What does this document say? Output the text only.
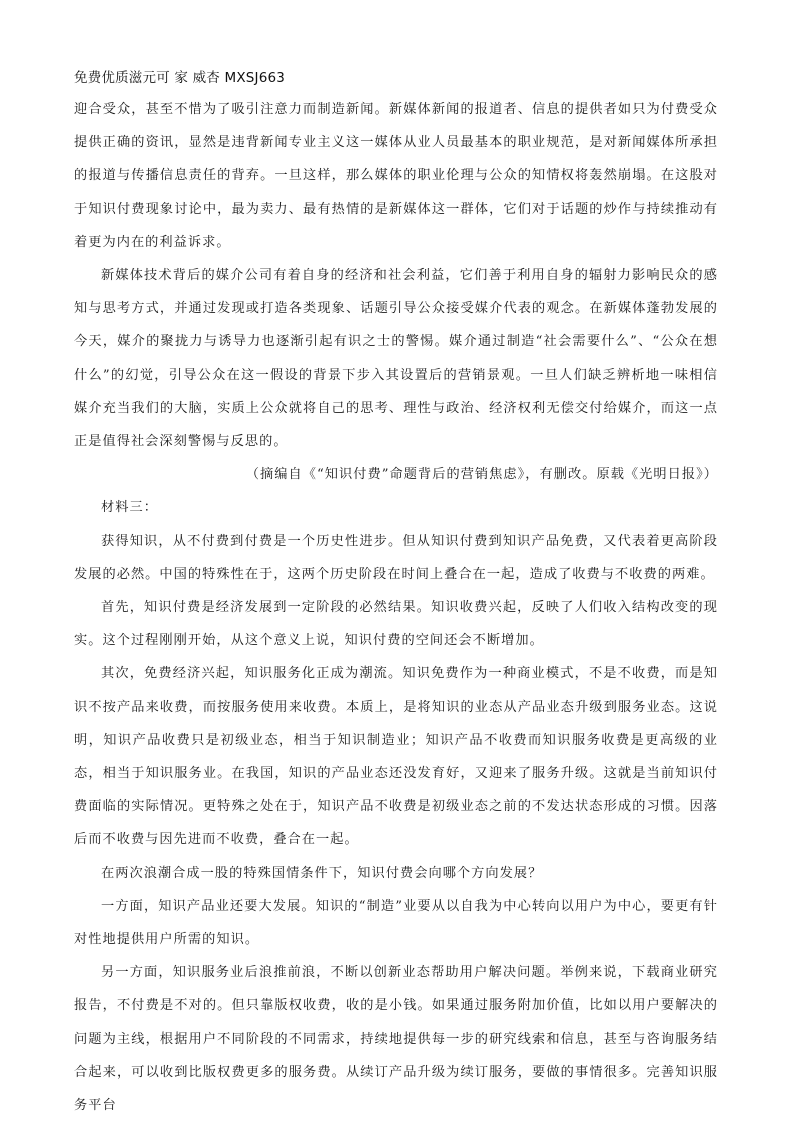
免费优质滋元可 家 威杏 MXSJ663

迎合受众，甚至不惜为了吸引注意力而制造新闻。新媒体新闻的报道者、信息的提供者如只为付费受众提供正确的资讯，显然是违背新闻专业主义这一媒体从业人员最基本的职业规范，是对新闻媒体所承担的报道与传播信息责任的背弃。一旦这样，那么媒体的职业伦理与公众的知情权将轰然崩塌。在这股对于知识付费现象讨论中，最为卖力、最有热情的是新媒体这一群体，它们对于话题的炒作与持续推动有着更为内在的利益诉求。

新媒体技术背后的媒介公司有着自身的经济和社会利益，它们善于利用自身的辐射力影响民众的感知与思考方式，并通过发现或打造各类现象、话题引导公众接受媒介代表的观念。在新媒体蓬勃发展的今天，媒介的聚拢力与诱导力也逐渐引起有识之士的警惕。媒介通过制造“社会需要什么”、“公众在想什么”的幻觉，引导公众在这一假设的背景下步入其设置后的营销景观。一旦人们缺乏辨析地一味相信媒介充当我们的大脑，实质上公众就将自己的思考、理性与政治、经济权利无偿交付给媒介，而这一点正是值得社会深刻警惕与反思的。

（摘编自《“知识付费”命题背后的营销焦虑》，有删改。原载《光明日报》）

材料三：

获得知识，从不付费到付费是一个历史性进步。但从知识付费到知识产品免费，又代表着更高阶段发展的必然。中国的特殊性在于，这两个历史阶段在时间上叠合在一起，造成了收费与不收费的两难。

首先，知识付费是经济发展到一定阶段的必然结果。知识收费兴起，反映了人们收入结构改变的现实。这个过程刚刚开始，从这个意义上说，知识付费的空间还会不断增加。

其次，免费经济兴起，知识服务化正成为潮流。知识免费作为一种商业模式，不是不收费，而是知识不按产品来收费，而按服务使用来收费。本质上，是将知识的业态从产品业态升级到服务业态。这说明，知识产品收费只是初级业态，相当于知识制造业；知识产品不收费而知识服务收费是更高级的业态，相当于知识服务业。在我国，知识的产品业态还没发育好，又迎来了服务升级。这就是当前知识付费面临的实际情况。更特殊之处在于，知识产品不收费是初级业态之前的不发达状态形成的习惯。因落后而不收费与因先进而不收费，叠合在一起。

在两次浪潮合成一股的特殊国情条件下，知识付费会向哪个方向发展？

一方面，知识产品业还要大发展。知识的“制造”业要从以自我为中心转向以用户为中心，要更有针对性地提供用户所需的知识。

另一方面，知识服务业后浪推前浪，不断以创新业态帮助用户解决问题。举例来说，下载商业研究报告，不付费是不对的。但只靠版权收费，收的是小钱。如果通过服务附加价值，比如以用户要解决的问题为主线，根据用户不同阶段的不同需求，持续地提供每一步的研究线索和信息，甚至与咨询服务结合起来，可以收到比版权费更多的服务费。从续订产品升级为续订服务，要做的事情很多。完善知识服务平台
